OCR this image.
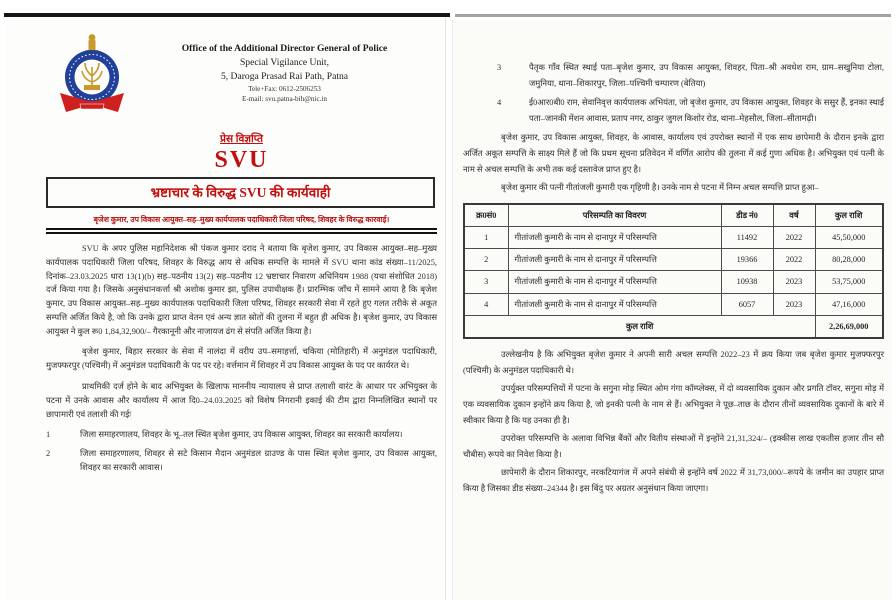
Office of the Additional Director General of Police
Special Vigilance Unit,
5, Daroga Prasad Rai Path, Patna
Tele+Fax: 0612-2506253
E-mail: svu.patna-bih@nic.in
प्रेस विज्ञप्ति
SVU
भ्रष्टाचार के विरुद्ध SVU की कार्यवाही
बृजेश कुमार, उप विकास आयुक्त–सह–मुख्य कार्यपालक पदाधिकारी जिला परिषद, शिवहर के विरुद्ध कारवाई।

SVU के अपर पुलिस महानिदेशक श्री पंकज कुमार दराद ने बताया कि बृजेश कुमार, उप विकास आयुक्त–सह–मुख्य कार्यपालक पदाधिकारी जिला परिषद, शिवहर के विरुद्ध आय से अधिक सम्पत्ति के मामले में SVU थाना कांड संख्या–11/2025, दिनांक–23.03.2025 धारा 13(1)(b) सह–पठनीय 13(2) सह–पठनीय 12 भ्रष्टाचार निवारण अधिनियम 1988 (यथा संशोधित 2018) दर्ज किया गया है। जिसके अनुसंधानकर्त्ता श्री अशोक कुमार झा, पुलिस उपाधीक्षक हैं। प्रारम्भिक जाँच में सामने आया है कि बृजेश कुमार, उप विकास आयुक्त–सह–मुख्य कार्यपालक पदाधिकारी जिला परिषद, शिवहर सरकारी सेवा में रहते हुए गलत तरीके से अकूत सम्पत्ति अर्जित किये है, जो कि उनके द्वारा प्राप्त वेतन एवं अन्य ज्ञात स्रोतों की तुलना में बहुत ही अधिक है। बृजेश कुमार, उप विकास आयुक्त ने कुल रू0 1,84,32,900/– गैरकानूनी और नाजायज ढंग से संपति अर्जित किया है।

बृजेश कुमार, बिहार सरकार के सेवा में नालंदा में वरीय उप–समाहर्त्ता, चकिया (मोतिहारी) में अनुमंडल पदाधिकारी, मुजफ्फरपुर (पश्चिमी) में अनुमंडल पदाधिकारी के पद पर रहे। वर्त्तमान में शिवहर में उप विकास आयुक्त के पद पर कार्यरत थे।

प्राथमिकी दर्ज होने के बाद अभियुक्त के खिलाफ माननीय न्यायालय से प्राप्त तलाशी वारंट के आधार पर अभियुक्त के पटना में उनके आवास और कार्यालय में आज दि0–24.03.2025 को विशेष निगरानी इकाई की टीम द्वारा निम्नलिखित स्थानों पर छापामारी एवं तलाशी की गईः

1	जिला समाहरणालय, शिवहर के भू–तल स्थित बृजेश कुमार, उप विकास आयुक्त, शिवहर का सरकारी कार्यालय।
2	जिला समाहरणालय, शिवहर से सटे किसान मैदान अनुमंडल ग्राउण्ड के पास स्थित बृजेश कुमार, उप विकास आयुक्त, शिवहर का सरकारी आवास।
3	पैतृक गाँव स्थित स्थाई पता–बृजेश कुमार, उप विकास आयुक्त, शिवहर, पिता–श्री अवधेश राम, ग्राम–सखुनिया टोला, जमुनिया, थाना–शिकारपुर, जिला–पश्चिमी चम्पारण (बेतिया)
4	ई0आर0बी0 राम, सेवानिवृत्त कार्यपालक अभियंता, जो बृजेश कुमार, उप विकास आयुक्त, शिवहर के ससुर हैं, इनका स्थाई पता–जानकी मेंशन आवास, प्रताप नगर, ठाकुर जुगल किशोर रोड, थाना–मेहसौल, जिला–सीतामढ़ी।

बृजेश कुमार, उप विकास आयुक्त, शिवहर, के आवास, कार्यालय एवं उपरोक्त स्थानों में एक साथ छापेमारी के दौरान इनके द्वारा अर्जित अकूत सम्पत्ति के साक्ष्य मिले हैं जो कि प्रथम सूचना प्रतिवेदन में वर्णित आरोप की तुलना में कई गुणा अधिक है। अभियुक्त एवं पत्नी के नाम से अचल सम्पत्ति के अभी तक कई दस्तावेज प्राप्त हुए है।

बृजेश कुमार की पत्नी गीतांजली कुमारी एक गृहिणी है। उनके नाम से पटना में निम्न अचल सम्पत्ति प्राप्त हुआ–

क्र0सं0	परिसम्पति का विवरण	डीड नं0	वर्ष	कुल राशि
1	गीतांजली कुमारी के नाम से दानापुर में परिसम्पत्ति	11492	2022	45,50,000
2	गीतांजली कुमारी के नाम से दानापुर में परिसम्पत्ति	19366	2022	80,28,000
3	गीतांजली कुमारी के नाम से दानापुर में परिसम्पत्ति	10938	2023	53,75,000
4	गीतांजली कुमारी के नाम से दानापुर में परिसम्पत्ति	6057	2023	47,16,000
कुल राशि				2,26,69,000

उल्लेखनीय है कि अभियुक्त बृजेश कुमार ने अपनी सारी अचल सम्पत्ति 2022–23 में क्रय किया जब बृजेश कुमार मुजफ्फरपुर (पश्चिमी) के अनुमंडल पदाधिकारी थे।

उपर्युक्त परिसम्पत्तियों में पटना के सगुना मोड़ स्थित ओम गंगा कॉम्प्लेक्स, में दो व्यवसायिक दुकान और प्रगति टॉवर, सगुना मोड़ में एक व्यवसायिक दुकान इन्होंने क्रय किया है, जो इनकी पत्नी के नाम से हैं। अभियुक्त ने पूछ–ताछ के दौरान तीनों व्यवसायिक दुकानों के बारे में स्वीकार किया है कि यह उनका ही है।

उपरोक्त परिसम्पत्ति के अलावा विभिन्न बैंकों और वितीय संस्थाओं में इन्होंने 21,31,324/– (इक्कीस लाख एकतीस हजार तीन सौ चौबीस) रूपये का निवेश किया है।

छापेमारी के दौरान शिकारपुर, नरकटियागंज में अपने संबंधी से इन्होंने वर्ष 2022 में 31,73,000/–रूपये के जमीन का उपहार प्राप्त किया है जिसका डीड संख्या–24344 है। इस बिंदु पर अग्रतर अनुसंधान किया जाएगा।
